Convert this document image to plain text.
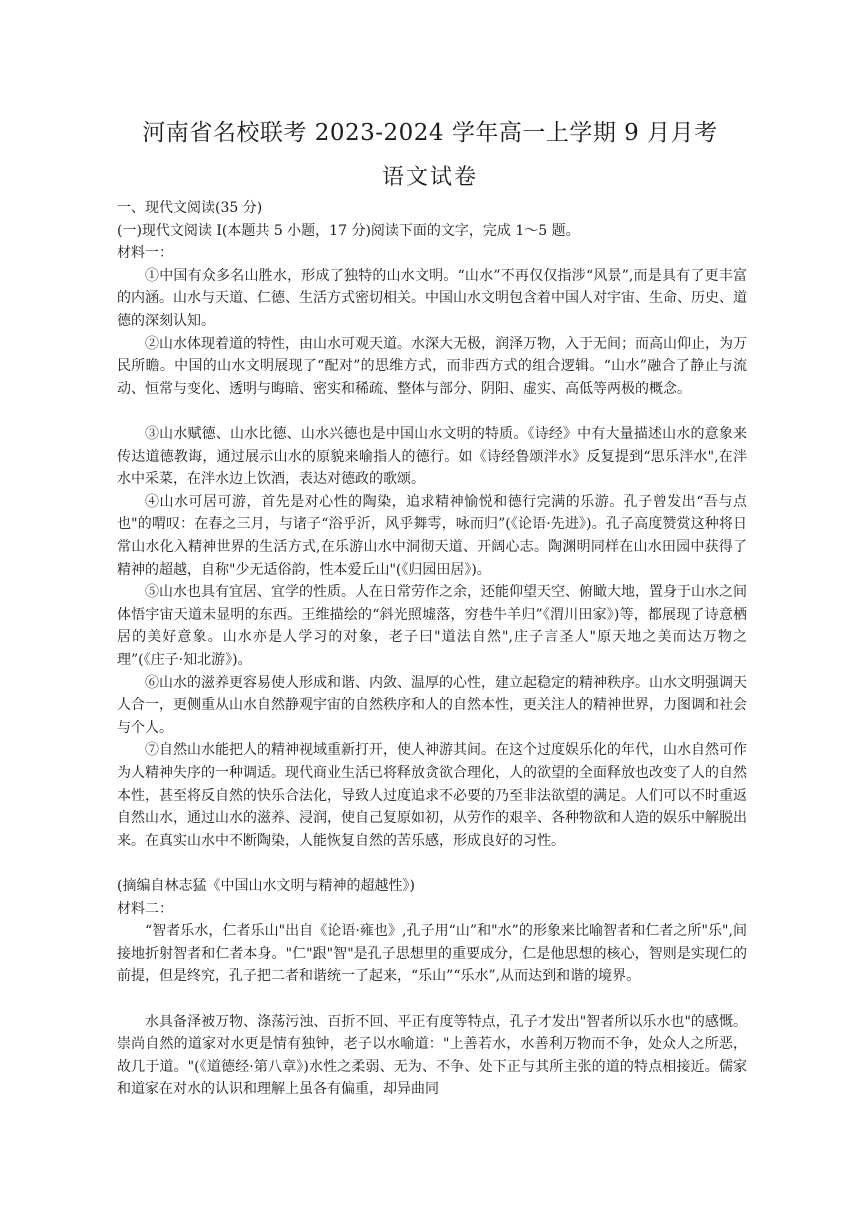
河南省名校联考 2023-2024 学年高一上学期 9 月月考
语文试卷
一、现代文阅读(35 分)
(一)现代文阅读 I(本题共 5 小题，17 分)阅读下面的文字，完成 1～5 题。
材料一：

①中国有众多名山胜水，形成了独特的山水文明。“山水”不再仅仅指涉“风景”,而是具有了更丰富的内涵。山水与天道、仁德、生活方式密切相关。中国山水文明包含着中国人对宇宙、生命、历史、道德的深刻认知。

②山水体现着道的特性，由山水可观天道。水深大无极，润泽万物，入于无间；而高山仰止，为万民所瞻。中国的山水文明展现了“配对”的思维方式，而非西方式的组合逻辑。“山水”融合了静止与流动、恒常与变化、透明与晦暗、密实和稀疏、整体与部分、阴阳、虚实、高低等两极的概念。

③山水赋德、山水比德、山水兴德也是中国山水文明的特质。《诗经》中有大量描述山水的意象来传达道德教诲，通过展示山水的原貌来喻指人的德行。如《诗经鲁颂泮水》反复提到“思乐泮水",在泮水中采菜，在泮水边上饮酒，表达对德政的歌颂。

④山水可居可游，首先是对心性的陶染，追求精神愉悦和德行完满的乐游。孔子曾发出“吾与点也"的喟叹：在春之三月，与诸子“浴乎沂，风乎舞雩，咏而归”(《论语·先进》)。孔子高度赞赏这种将日常山水化入精神世界的生活方式,在乐游山水中洞彻天道、开阔心志。陶渊明同样在山水田园中获得了精神的超越，自称"少无适俗韵，性本爱丘山"(《归园田居》)。

⑤山水也具有宜居、宜学的性质。人在日常劳作之余，还能仰望天空、俯瞰大地，置身于山水之间体悟宇宙天道未显明的东西。王维描绘的“斜光照墟落，穷巷牛羊归”《渭川田家》)等，都展现了诗意栖居的美好意象。山水亦是人学习的对象，老子曰"道法自然",庄子言圣人"原天地之美而达万物之理”(《庄子·知北游》)。

⑥山水的滋养更容易使人形成和谐、内敛、温厚的心性，建立起稳定的精神秩序。山水文明强调天人合一，更侧重从山水自然静观宇宙的自然秩序和人的自然本性，更关注人的精神世界，力图调和社会与个人。

⑦自然山水能把人的精神视域重新打开，使人神游其间。在这个过度娱乐化的年代，山水自然可作为人精神失序的一种调适。现代商业生活已将释放贪欲合理化，人的欲望的全面释放也改变了人的自然本性，甚至将反自然的快乐合法化，导致人过度追求不必要的乃至非法欲望的满足。人们可以不时重返自然山水，通过山水的滋养、浸润，使自己复原如初，从劳作的艰辛、各种物欲和人造的娱乐中解脱出来。在真实山水中不断陶染，人能恢复自然的苦乐感，形成良好的习性。

(摘编自林志猛《中国山水文明与精神的超越性》)
材料二：

“智者乐水，仁者乐山"出自《论语·雍也》,孔子用“山”和"水”的形象来比喻智者和仁者之所"乐",间接地折射智者和仁者本身。"仁"跟"智"是孔子思想里的重要成分，仁是他思想的核心，智则是实现仁的前提，但是终究，孔子把二者和谐统一了起来，“乐山”“乐水”,从而达到和谐的境界。

水具备泽被万物、涤荡污浊、百折不回、平正有度等特点，孔子才发出"智者所以乐水也"的感慨。崇尚自然的道家对水更是情有独钟，老子以水喻道："上善若水，水善利万物而不争，处众人之所恶，故几于道。"(《道德经·第八章》)水性之柔弱、无为、不争、处下正与其所主张的道的特点相接近。儒家和道家在对水的认识和理解上虽各有偏重，却异曲同
